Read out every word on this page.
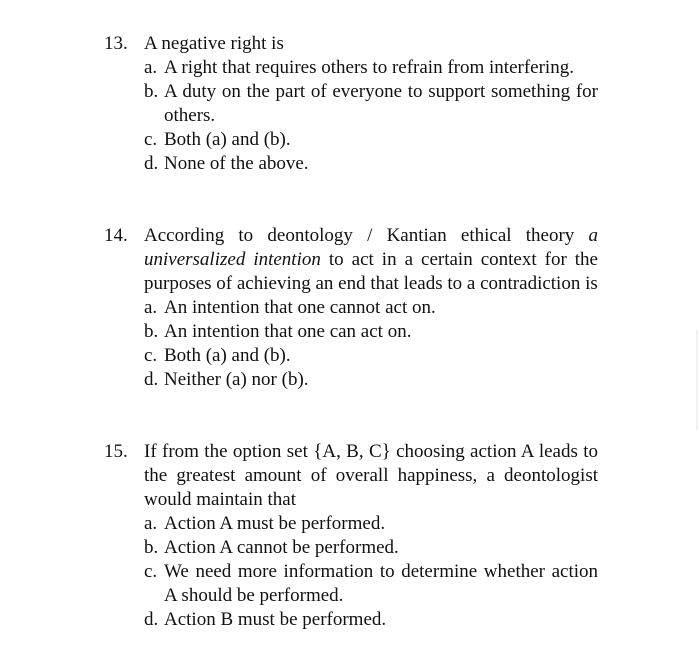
13. A negative right is
a. A right that requires others to refrain from interfering.
b. A duty on the part of everyone to support something for others.
c. Both (a) and (b).
d. None of the above.
14. According to deontology / Kantian ethical theory a universalized intention to act in a certain context for the purposes of achieving an end that leads to a contradiction is
a. An intention that one cannot act on.
b. An intention that one can act on.
c. Both (a) and (b).
d. Neither (a) nor (b).
15. If from the option set {A, B, C} choosing action A leads to the greatest amount of overall happiness, a deontologist would maintain that
a. Action A must be performed.
b. Action A cannot be performed.
c. We need more information to determine whether action A should be performed.
d. Action B must be performed.
